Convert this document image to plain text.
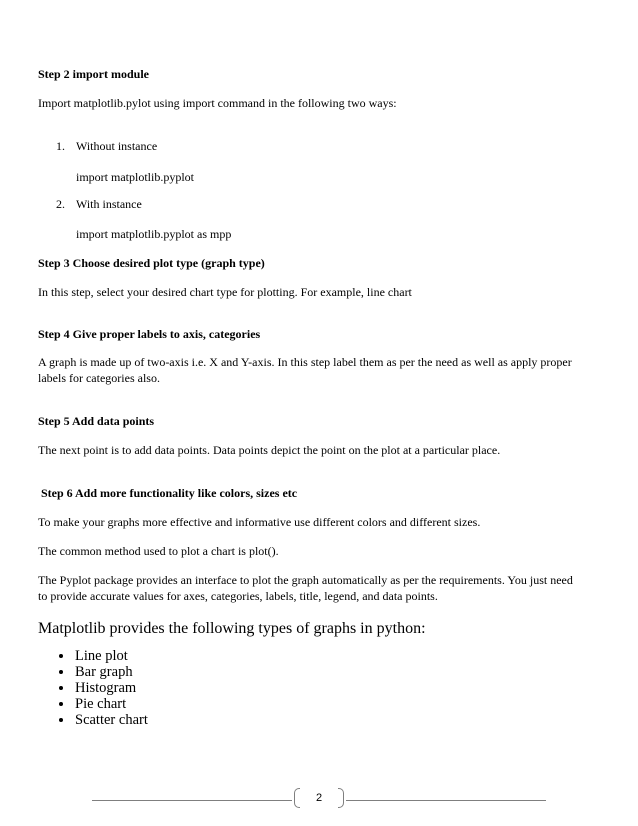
Step 2 import module
Import matplotlib.pylot using import command in the following two ways:
1. Without instance
import matplotlib.pyplot
2. With instance
import matplotlib.pyplot as mpp
Step 3 Choose desired plot type (graph type)
In this step, select your desired chart type for plotting. For example, line chart
Step 4 Give proper labels to axis, categories
A graph is made up of two-axis i.e. X and Y-axis. In this step label them as per the need as well as apply proper
labels for categories also.
Step 5 Add data points
The next point is to add data points. Data points depict the point on the plot at a particular place.
Step 6 Add more functionality like colors, sizes etc
To make your graphs more effective and informative use different colors and different sizes.
The common method used to plot a chart is plot().
The Pyplot package provides an interface to plot the graph automatically as per the requirements. You just need
to provide accurate values for axes, categories, labels, title, legend, and data points.
Matplotlib provides the following types of graphs in python:
Line plot
Bar graph
Histogram
Pie chart
Scatter chart
2
